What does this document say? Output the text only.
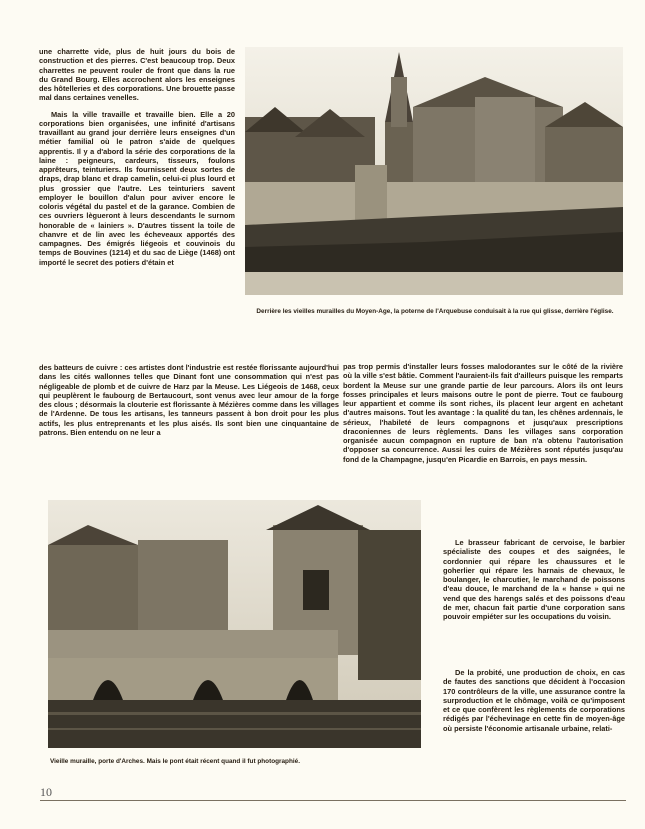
une charrette vide, plus de huit jours du bois de construction et des pierres. C'est beaucoup trop. Deux charrettes ne peuvent rouler de front que dans la rue du Grand Bourg. Elles accrochent alors les enseignes des hôtelleries et des corporations. Une brouette passe mal dans certaines venelles.

Mais la ville travaille et travaille bien. Elle a 20 corporations bien organisées, une infinité d'artisans travaillant au grand jour derrière leurs enseignes d'un métier familial où le patron s'aide de quelques apprentis. Il y a d'abord la série des corporations de la laine : peigneurs, cardeurs, tisseurs, foulons apprêteurs, teinturiers. Ils fournissent deux sortes de draps, drap blanc et drap camelin, celui-ci plus lourd et plus grossier que l'autre. Les teinturiers savent employer le bouillon d'alun pour aviver encore le coloris végétal du pastel et de la garance. Combien de ces ouvriers lègueront à leurs descendants le surnom honorable de « lainiers ». D'autres tissent la toile de chanvre et de lin avec les écheveaux apportés des campagnes. Des émigrés liégeois et couvinois du temps de Bouvines (1214) et du sac de Liège (1468) ont importé le secret des potiers d'étain et

Derrière les vieilles murailles du Moyen-Age, la poterne de l'Arquebuse conduisait à la rue qui glisse, derrière l'église.

des batteurs de cuivre : ces artistes dont l'industrie est restée florissante aujourd'hui dans les cités wallonnes telles que Dinant font une consommation qui n'est pas négligeable de plomb et de cuivre de Harz par la Meuse. Les Liégeois de 1468, ceux qui peuplèrent le faubourg de Bertaucourt, sont venus avec leur amour de la forge des clous ; désormais la clouterie est florissante à Mézières comme dans les villages de l'Ardenne. De tous les artisans, les tanneurs passent à bon droit pour les plus actifs, les plus entreprenants et les plus aisés. Ils sont bien une cinquantaine de patrons. Bien entendu on ne leur a

pas trop permis d'installer leurs fosses malodorantes sur le côté de la rivière où la ville s'est bâtie. Comment l'auraient-ils fait d'ailleurs puisque les remparts bordent la Meuse sur une grande partie de leur parcours. Alors ils ont leurs fosses principales et leurs maisons outre le pont de pierre. Tout ce faubourg leur appartient et comme ils sont riches, ils placent leur argent en achetant d'autres maisons. Tout les avantage : la qualité du tan, les chênes ardennais, le sérieux, l'habileté de leurs compagnons et jusqu'aux prescriptions draconiennes de leurs règlements. Dans les villages sans corporation organisée aucun compagnon en rupture de ban n'a obtenu l'autorisation d'opposer sa concurrence. Aussi les cuirs de Mézières sont réputés jusqu'au fond de la Champagne, jusqu'en Picardie en Barrois, en pays messin.

Le brasseur fabricant de cervoise, le barbier spécialiste des coupes et des saignées, le cordonnier qui répare les chaussures et le goherlier qui répare les harnais de chevaux, le boulanger, le charcutier, le marchand de poissons d'eau douce, le marchand de la « hanse » qui ne vend que des harengs salés et des poissons d'eau de mer, chacun fait partie d'une corporation sans pouvoir empiéter sur les occupations du voisin.

De la probité, une production de choix, en cas de fautes des sanctions que décident à l'occasion 170 contrôleurs de la ville, une assurance contre la surproduction et le chômage, voilà ce qu'imposent et ce que confèrent les règlements de corporations rédigés par l'échevinage en cette fin de moyen-âge où persiste l'économie artisanale urbaine, relati-

Vieille muraille, porte d'Arches. Mais le pont était récent quand il fut photographié.
10
